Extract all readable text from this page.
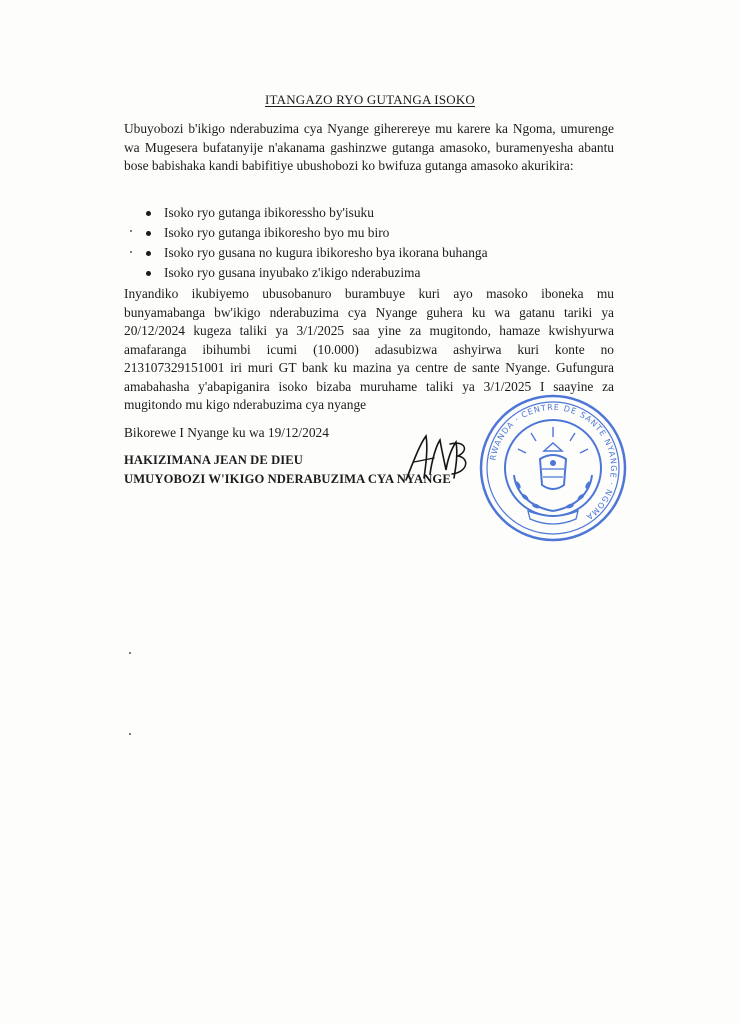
ITANGAZO RYO GUTANGA ISOKO
Ubuyobozi b'ikigo nderabuzima cya Nyange giherereye mu karere ka Ngoma, umurenge wa Mugesera bufatanyije n'akanama gashinzwe gutanga amasoko, buramenyesha abantu bose babishaka kandi babifitiye ubushobozi ko bwifuza gutanga amasoko akurikira:
Isoko ryo gutanga ibikoressho by'isuku
Isoko ryo gutanga ibikoresho byo mu biro
Isoko ryo gusana no kugura ibikoresho bya ikorana buhanga
Isoko ryo gusana inyubako z'ikigo nderabuzima
Inyandiko ikubiyemo ubusobanuro burambuye kuri ayo masoko iboneka mu bunyamabanga bw'ikigo nderabuzima cya Nyange guhera ku wa gatanu tariki ya 20/12/2024 kugeza taliki ya 3/1/2025 saa yine za mugitondo, hamaze kwishyurwa amafaranga ibihumbi icumi (10.000) adasubizwa ashyirwa kuri konte no 213107329151001 iri muri GT bank ku mazina ya centre de sante Nyange. Gufungura amabahasha y'abapiganira isoko bizaba muruhame taliki ya 3/1/2025 I saayine za mugitondo mu kigo nderabuzima cya nyange
Bikorewe I Nyange ku wa 19/12/2024
HAKIZIMANA JEAN DE DIEU
UMUYOBOZI W'IKIGO NDERABUZIMA CYA NYANGE
RWANDA · CENTRE DE SANTE NYANGE · NGOMA
